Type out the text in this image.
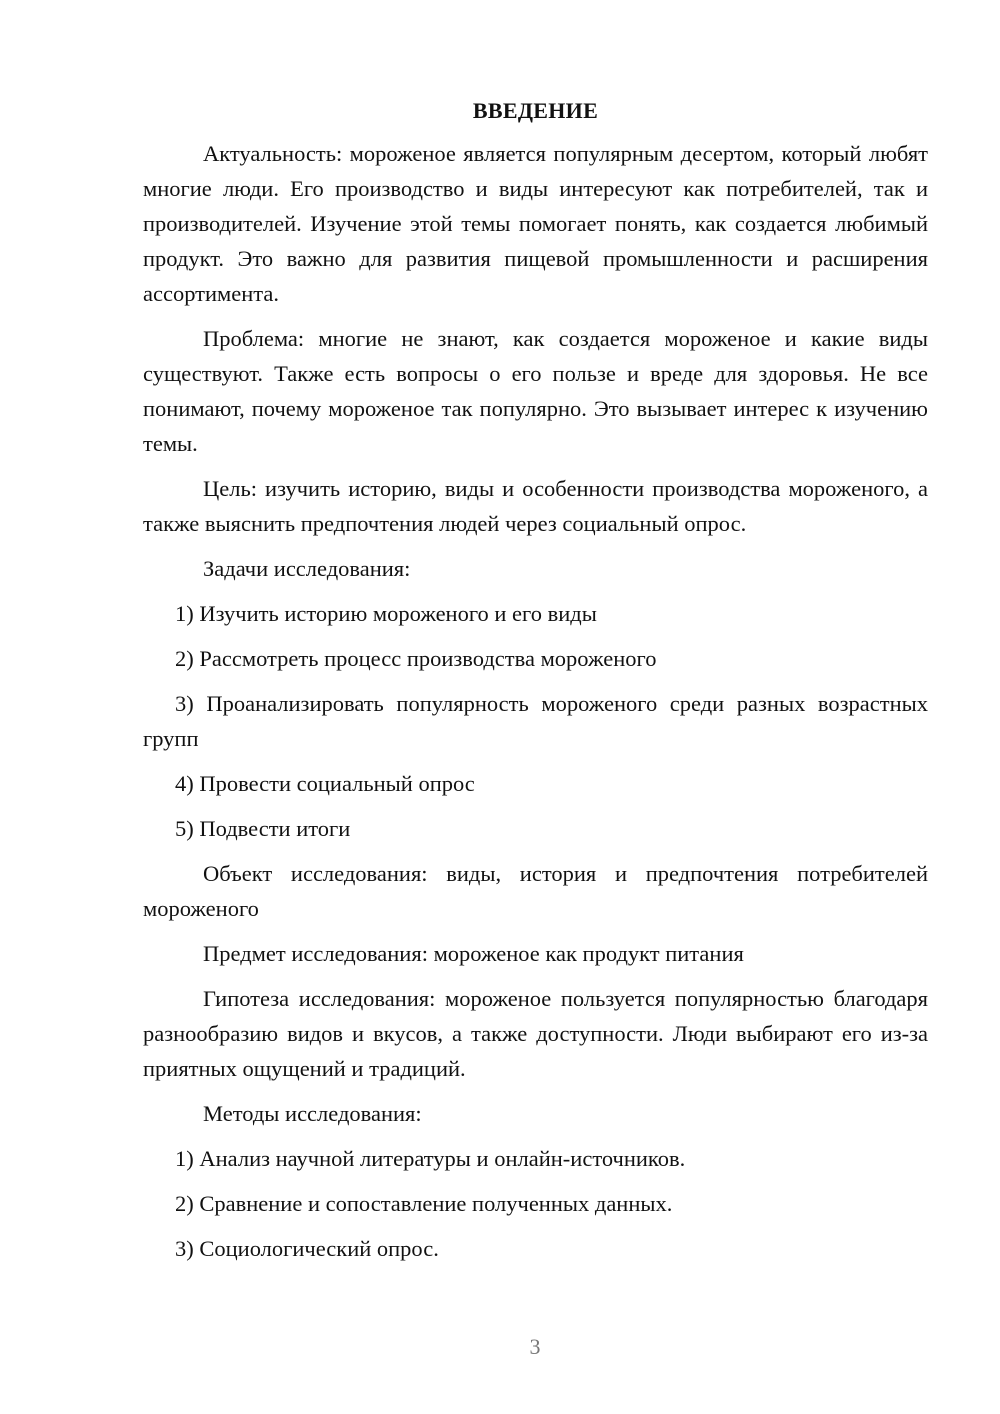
ВВЕДЕНИЕ

Актуальность: мороженое является популярным десертом, который любят многие люди. Его производство и виды интересуют как потребителей, так и производителей. Изучение этой темы помогает понять, как создается любимый продукт. Это важно для развития пищевой промышленности и расширения ассортимента.

Проблема: многие не знают, как создается мороженое и какие виды существуют. Также есть вопросы о его пользе и вреде для здоровья. Не все понимают, почему мороженое так популярно. Это вызывает интерес к изучению темы.

Цель: изучить историю, виды и особенности производства мороженого, а также выяснить предпочтения людей через социальный опрос.

Задачи исследования:

1) Изучить историю мороженого и его виды

2) Рассмотреть процесс производства мороженого

3) Проанализировать популярность мороженого среди разных возрастных групп

4) Провести социальный опрос

5) Подвести итоги

Объект исследования: виды, история и предпочтения потребителей мороженого

Предмет исследования: мороженое как продукт питания

Гипотеза исследования: мороженое пользуется популярностью благодаря разнообразию видов и вкусов, а также доступности. Люди выбирают его из-за приятных ощущений и традиций.

Методы исследования:

1) Анализ научной литературы и онлайн-источников.

2) Сравнение и сопоставление полученных данных.

3) Социологический опрос.

3
